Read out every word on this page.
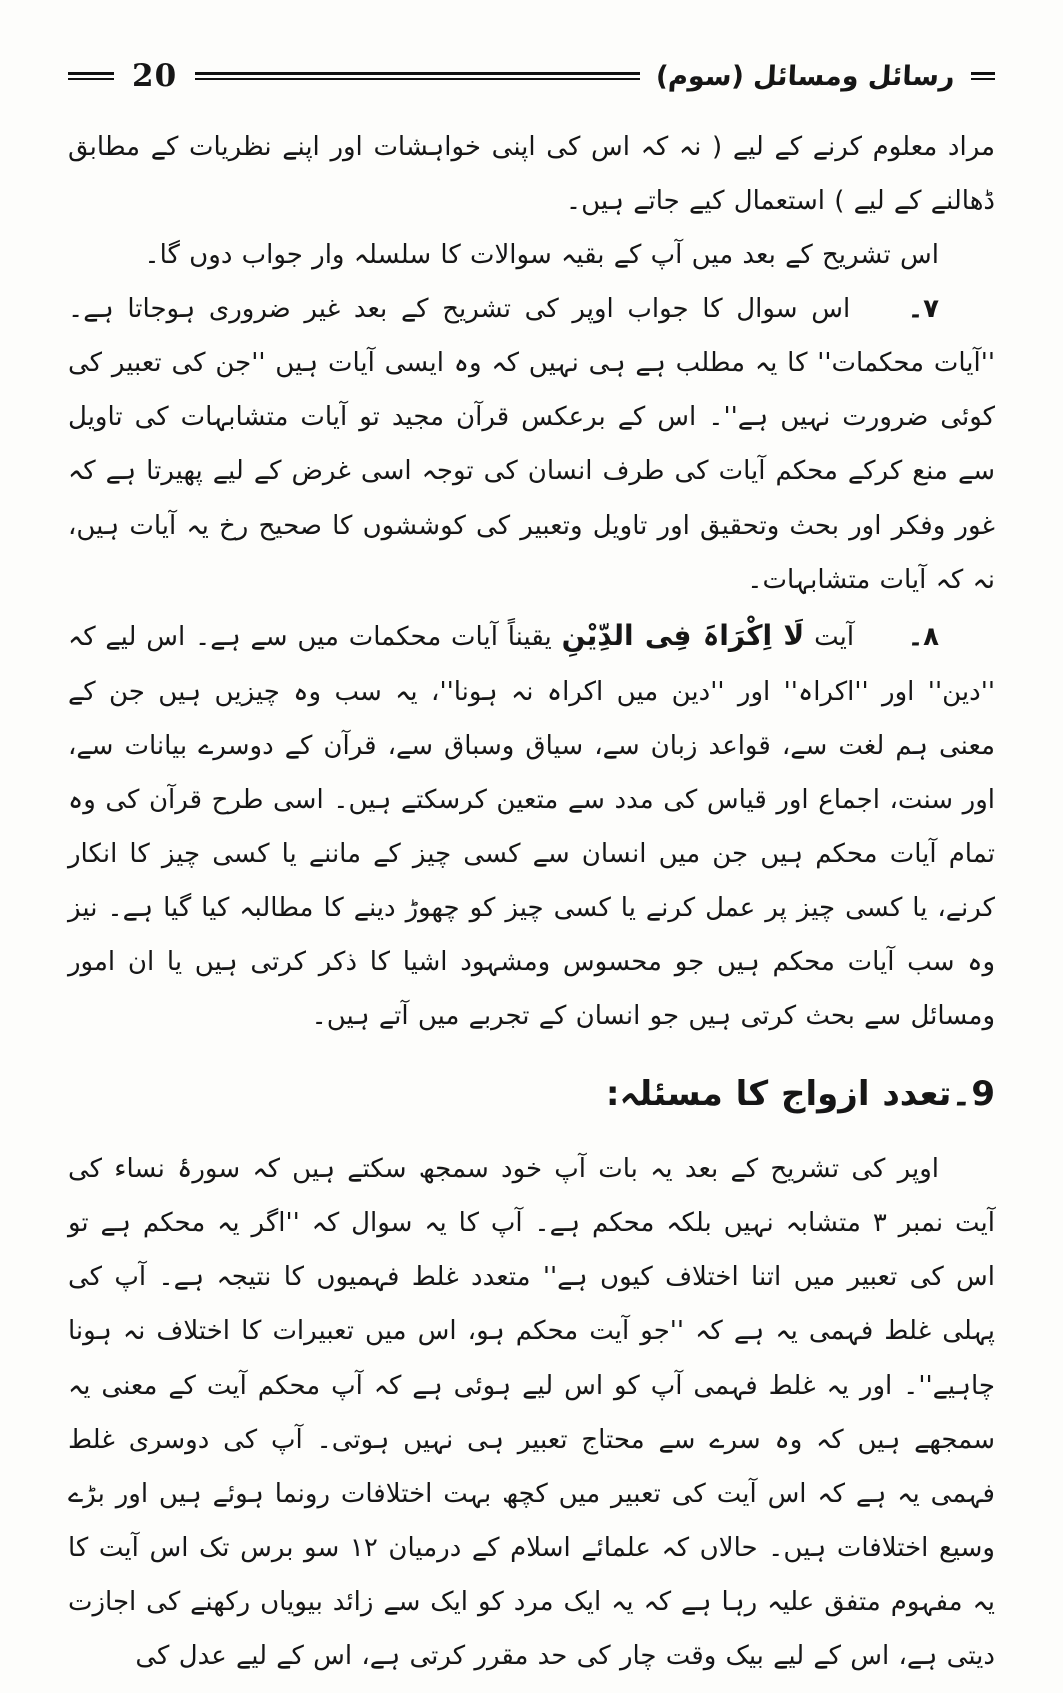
20	رسائل ومسائل (سوم)

مراد معلوم کرنے کے لیے ( نہ کہ اس کی اپنی خواہشات اور اپنے نظریات کے مطابق ڈھالنے کے لیے ) استعمال کیے جاتے ہیں۔

اس تشریح کے بعد میں آپ کے بقیہ سوالات کا سلسلہ وار جواب دوں گا۔

۷۔ اس سوال کا جواب اوپر کی تشریح کے بعد غیر ضروری ہوجاتا ہے۔ ''آیات محکمات'' کا یہ مطلب ہے ہی نہیں کہ وہ ایسی آیات ہیں ''جن کی تعبیر کی کوئی ضرورت نہیں ہے''۔ اس کے برعکس قرآن مجید تو آیات متشابہات کی تاویل سے منع کرکے محکم آیات کی طرف انسان کی توجہ اسی غرض کے لیے پھیرتا ہے کہ غور وفکر اور بحث وتحقیق اور تاویل وتعبیر کی کوششوں کا صحیح رخ یہ آیات ہیں، نہ کہ آیات متشابہات۔

۸۔ آیت لَا اِکْرَاہَ فِی الدِّیْنِ یقیناً آیات محکمات میں سے ہے۔ اس لیے کہ ''دین'' اور ''اکراہ'' اور ''دین میں اکراہ نہ ہونا''، یہ سب وہ چیزیں ہیں جن کے معنی ہم لغت سے، قواعد زبان سے، سیاق وسباق سے، قرآن کے دوسرے بیانات سے، اور سنت، اجماع اور قیاس کی مدد سے متعین کرسکتے ہیں۔ اسی طرح قرآن کی وہ تمام آیات محکم ہیں جن میں انسان سے کسی چیز کے ماننے یا کسی چیز کا انکار کرنے، یا کسی چیز پر عمل کرنے یا کسی چیز کو چھوڑ دینے کا مطالبہ کیا گیا ہے۔ نیز وہ سب آیات محکم ہیں جو محسوس ومشہود اشیا کا ذکر کرتی ہیں یا ان امور ومسائل سے بحث کرتی ہیں جو انسان کے تجربے میں آتے ہیں۔

9۔تعدد ازواج کا مسئلہ:

اوپر کی تشریح کے بعد یہ بات آپ خود سمجھ سکتے ہیں کہ سورۂ نساء کی آیت نمبر ۳ متشابہ نہیں بلکہ محکم ہے۔ آپ کا یہ سوال کہ ''اگر یہ محکم ہے تو اس کی تعبیر میں اتنا اختلاف کیوں ہے'' متعدد غلط فہمیوں کا نتیجہ ہے۔ آپ کی پہلی غلط فہمی یہ ہے کہ ''جو آیت محکم ہو، اس میں تعبیرات کا اختلاف نہ ہونا چاہیے''۔ اور یہ غلط فہمی آپ کو اس لیے ہوئی ہے کہ آپ محکم آیت کے معنی یہ سمجھے ہیں کہ وہ سرے سے محتاج تعبیر ہی نہیں ہوتی۔ آپ کی دوسری غلط فہمی یہ ہے کہ اس آیت کی تعبیر میں کچھ بہت اختلافات رونما ہوئے ہیں اور بڑے وسیع اختلافات ہیں۔ حالاں کہ علمائے اسلام کے درمیان ۱۲ سو برس تک اس آیت کا یہ مفہوم متفق علیہ رہا ہے کہ یہ ایک مرد کو ایک سے زائد بیویاں رکھنے کی اجازت دیتی ہے، اس کے لیے بیک وقت چار کی حد مقرر کرتی ہے، اس کے لیے عدل کی
